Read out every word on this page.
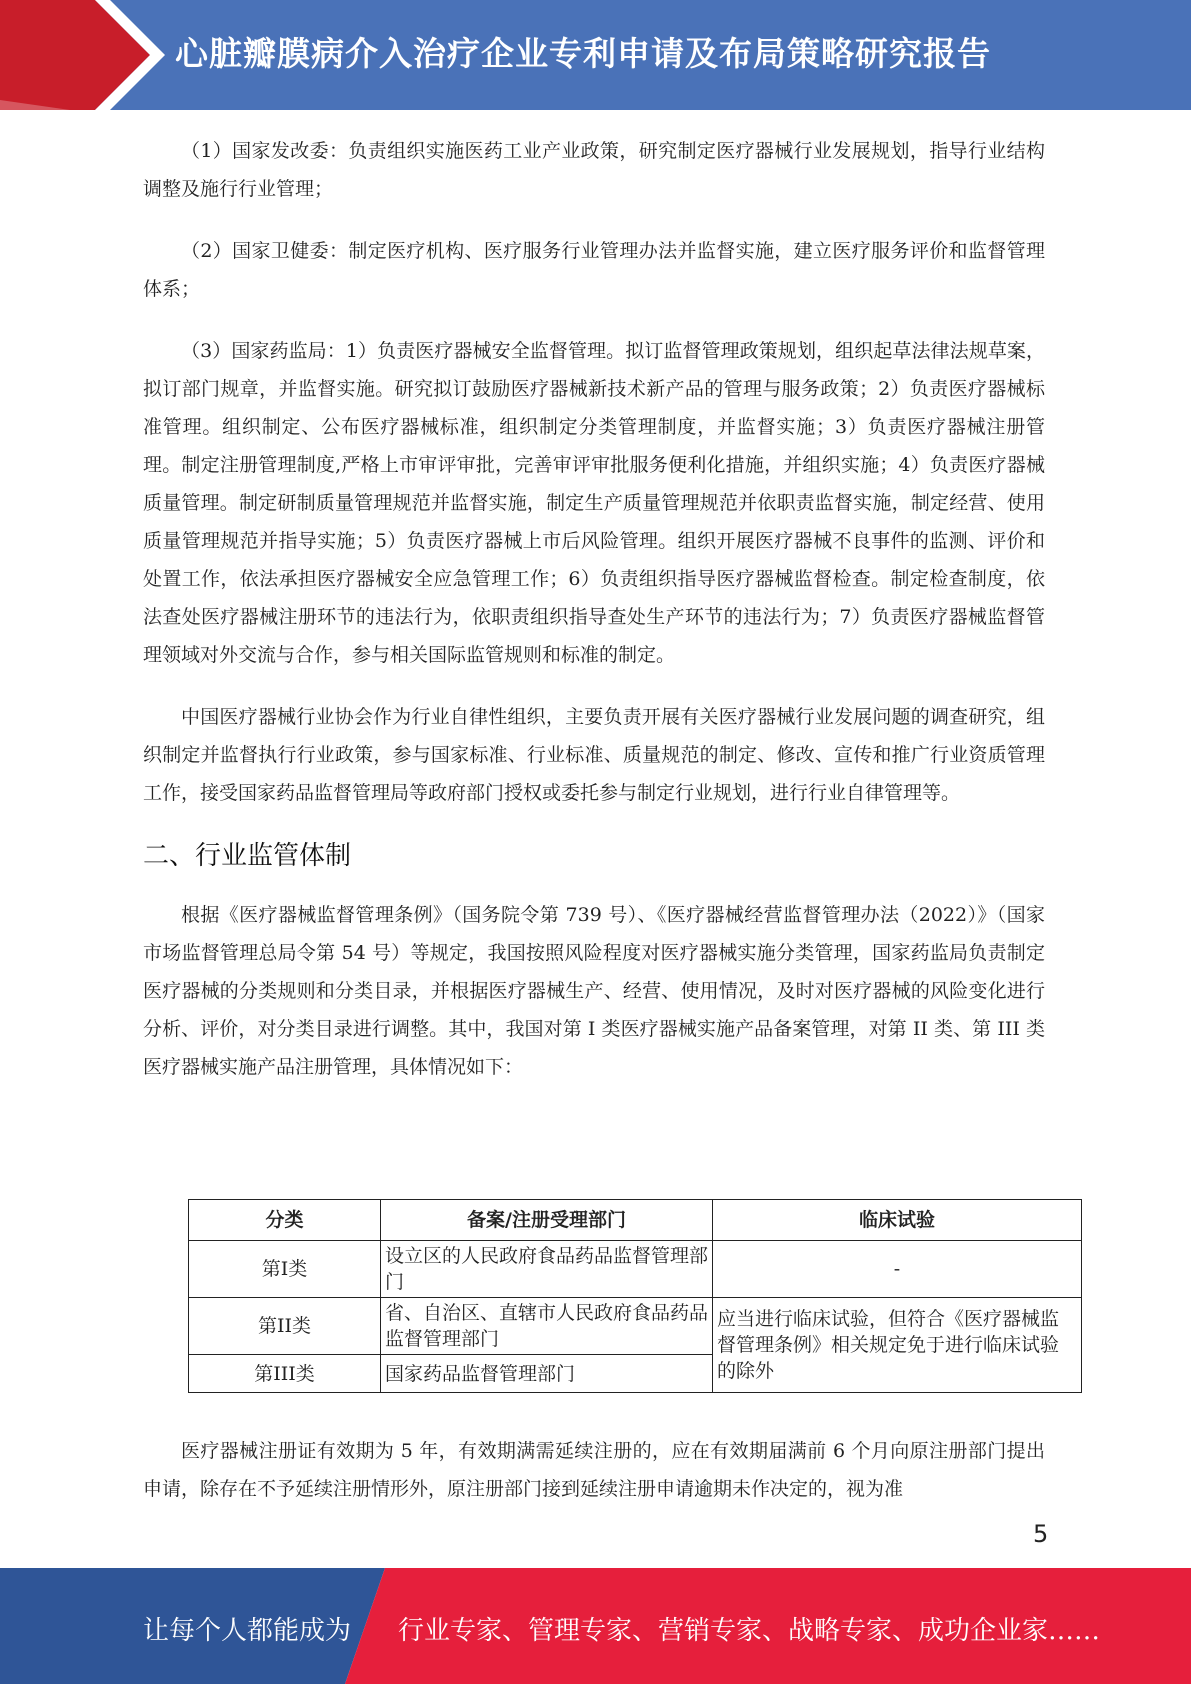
心脏瓣膜病介入治疗企业专利申请及布局策略研究报告

（1）国家发改委：负责组织实施医药工业产业政策，研究制定医疗器械行业发展规划，指导行业结构调整及施行行业管理；

（2）国家卫健委：制定医疗机构、医疗服务行业管理办法并监督实施，建立医疗服务评价和监督管理体系；

（3）国家药监局：1）负责医疗器械安全监督管理。拟订监督管理政策规划，组织起草法律法规草案，拟订部门规章，并监督实施。研究拟订鼓励医疗器械新技术新产品的管理与服务政策；2）负责医疗器械标准管理。组织制定、公布医疗器械标准，组织制定分类管理制度，并监督实施；3）负责医疗器械注册管理。制定注册管理制度,严格上市审评审批，完善审评审批服务便利化措施，并组织实施；4）负责医疗器械质量管理。制定研制质量管理规范并监督实施，制定生产质量管理规范并依职责监督实施，制定经营、使用质量管理规范并指导实施；5）负责医疗器械上市后风险管理。组织开展医疗器械不良事件的监测、评价和处置工作，依法承担医疗器械安全应急管理工作；6）负责组织指导医疗器械监督检查。制定检查制度，依法查处医疗器械注册环节的违法行为，依职责组织指导查处生产环节的违法行为；7）负责医疗器械监督管理领域对外交流与合作，参与相关国际监管规则和标准的制定。

中国医疗器械行业协会作为行业自律性组织，主要负责开展有关医疗器械行业发展问题的调查研究，组织制定并监督执行行业政策，参与国家标准、行业标准、质量规范的制定、修改、宣传和推广行业资质管理工作，接受国家药品监督管理局等政府部门授权或委托参与制定行业规划，进行行业自律管理等。

二、行业监管体制

根据《医疗器械监督管理条例》（国务院令第 739 号）、《医疗器械经营监督管理办法（2022）》（国家市场监督管理总局令第 54 号）等规定，我国按照风险程度对医疗器械实施分类管理，国家药监局负责制定医疗器械的分类规则和分类目录，并根据医疗器械生产、经营、使用情况，及时对医疗器械的风险变化进行分析、评价，对分类目录进行调整。其中，我国对第 I 类医疗器械实施产品备案管理，对第 II 类、第 III 类医疗器械实施产品注册管理，具体情况如下：

分类	备案/注册受理部门	临床试验
第I类	设立区的人民政府食品药品监督管理部门	-
第II类	省、自治区、直辖市人民政府食品药品监督管理部门	应当进行临床试验，但符合《医疗器械监督管理条例》相关规定免于进行临床试验的除外
第III类	国家药品监督管理部门	

医疗器械注册证有效期为 5 年，有效期满需延续注册的，应在有效期届满前 6 个月向原注册部门提出申请，除存在不予延续注册情形外，原注册部门接到延续注册申请逾期未作决定的，视为准

5
让每个人都能成为 行业专家、管理专家、营销专家、战略专家、成功企业家……
